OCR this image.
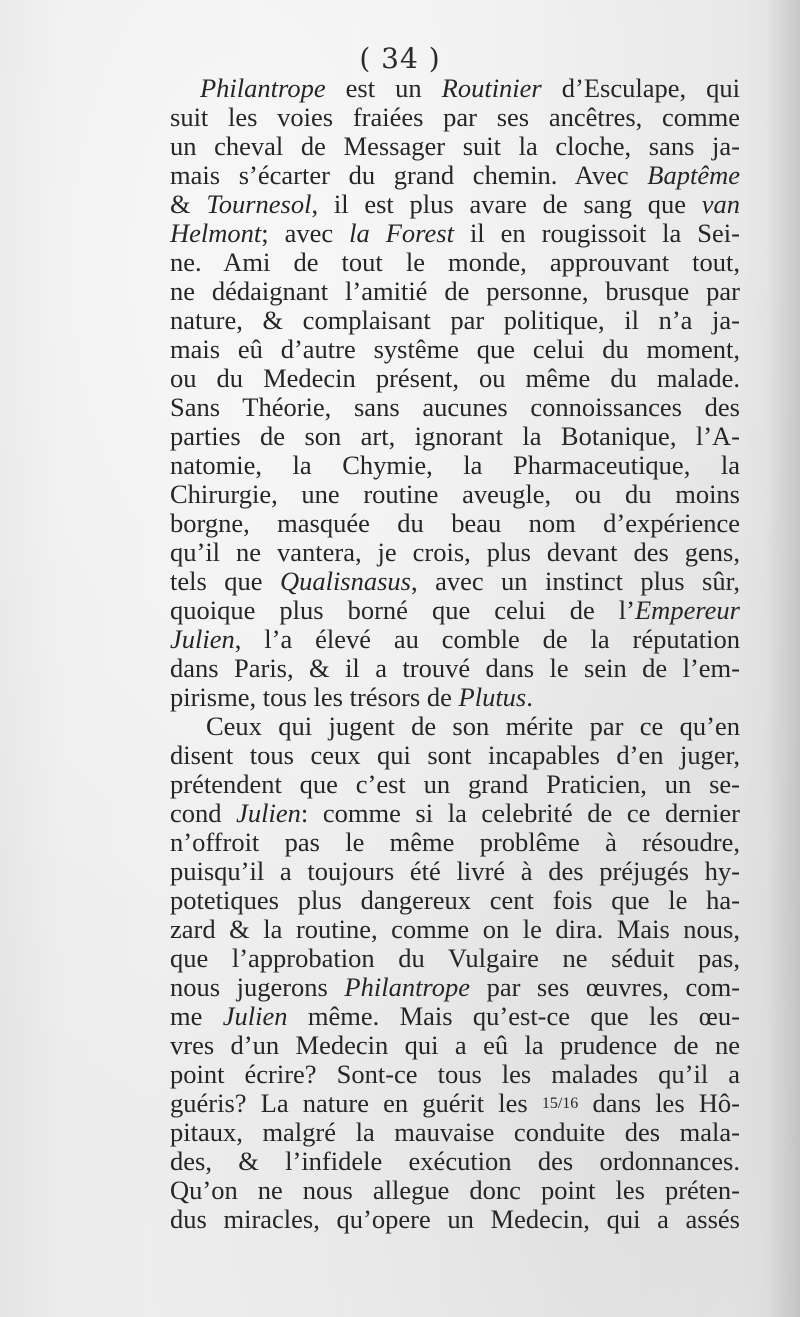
( 34 )
Philantrope est un Routinier d’Esculape, qui
suit les voies fraiées par ses ancêtres, comme
un cheval de Messager suit la cloche, sans ja-
mais s’écarter du grand chemin. Avec Baptême
& Tournesol, il est plus avare de sang que van
Helmont; avec la Forest il en rougissoit la Sei-
ne. Ami de tout le monde, approuvant tout,
ne dédaignant l’amitié de personne, brusque par
nature, & complaisant par politique, il n’a ja-
mais eû d’autre systême que celui du moment,
ou du Medecin présent, ou même du malade.
Sans Théorie, sans aucunes connoissances des
parties de son art, ignorant la Botanique, l’A-
natomie, la Chymie, la Pharmaceutique, la
Chirurgie, une routine aveugle, ou du moins
borgne, masquée du beau nom d’expérience
qu’il ne vantera, je crois, plus devant des gens,
tels que Qualisnasus, avec un instinct plus sûr,
quoique plus borné que celui de l’Empereur
Julien, l’a élevé au comble de la réputation
dans Paris, & il a trouvé dans le sein de l’em-
pirisme, tous les trésors de Plutus.
Ceux qui jugent de son mérite par ce qu’en
disent tous ceux qui sont incapables d’en juger,
prétendent que c’est un grand Praticien, un se-
cond Julien: comme si la celebrité de ce dernier
n’offroit pas le même problême à résoudre,
puisqu’il a toujours été livré à des préjugés hy-
potetiques plus dangereux cent fois que le ha-
zard & la routine, comme on le dira. Mais nous,
que l’approbation du Vulgaire ne séduit pas,
nous jugerons Philantrope par ses œuvres, com-
me Julien même. Mais qu’est-ce que les œu-
vres d’un Medecin qui a eû la prudence de ne
point écrire? Sont-ce tous les malades qu’il a
guéris? La nature en guérit les 15/16 dans les Hô-
pitaux, malgré la mauvaise conduite des mala-
des, & l’infidele exécution des ordonnances.
Qu’on ne nous allegue donc point les préten-
dus miracles, qu’opere un Medecin, qui a assés
